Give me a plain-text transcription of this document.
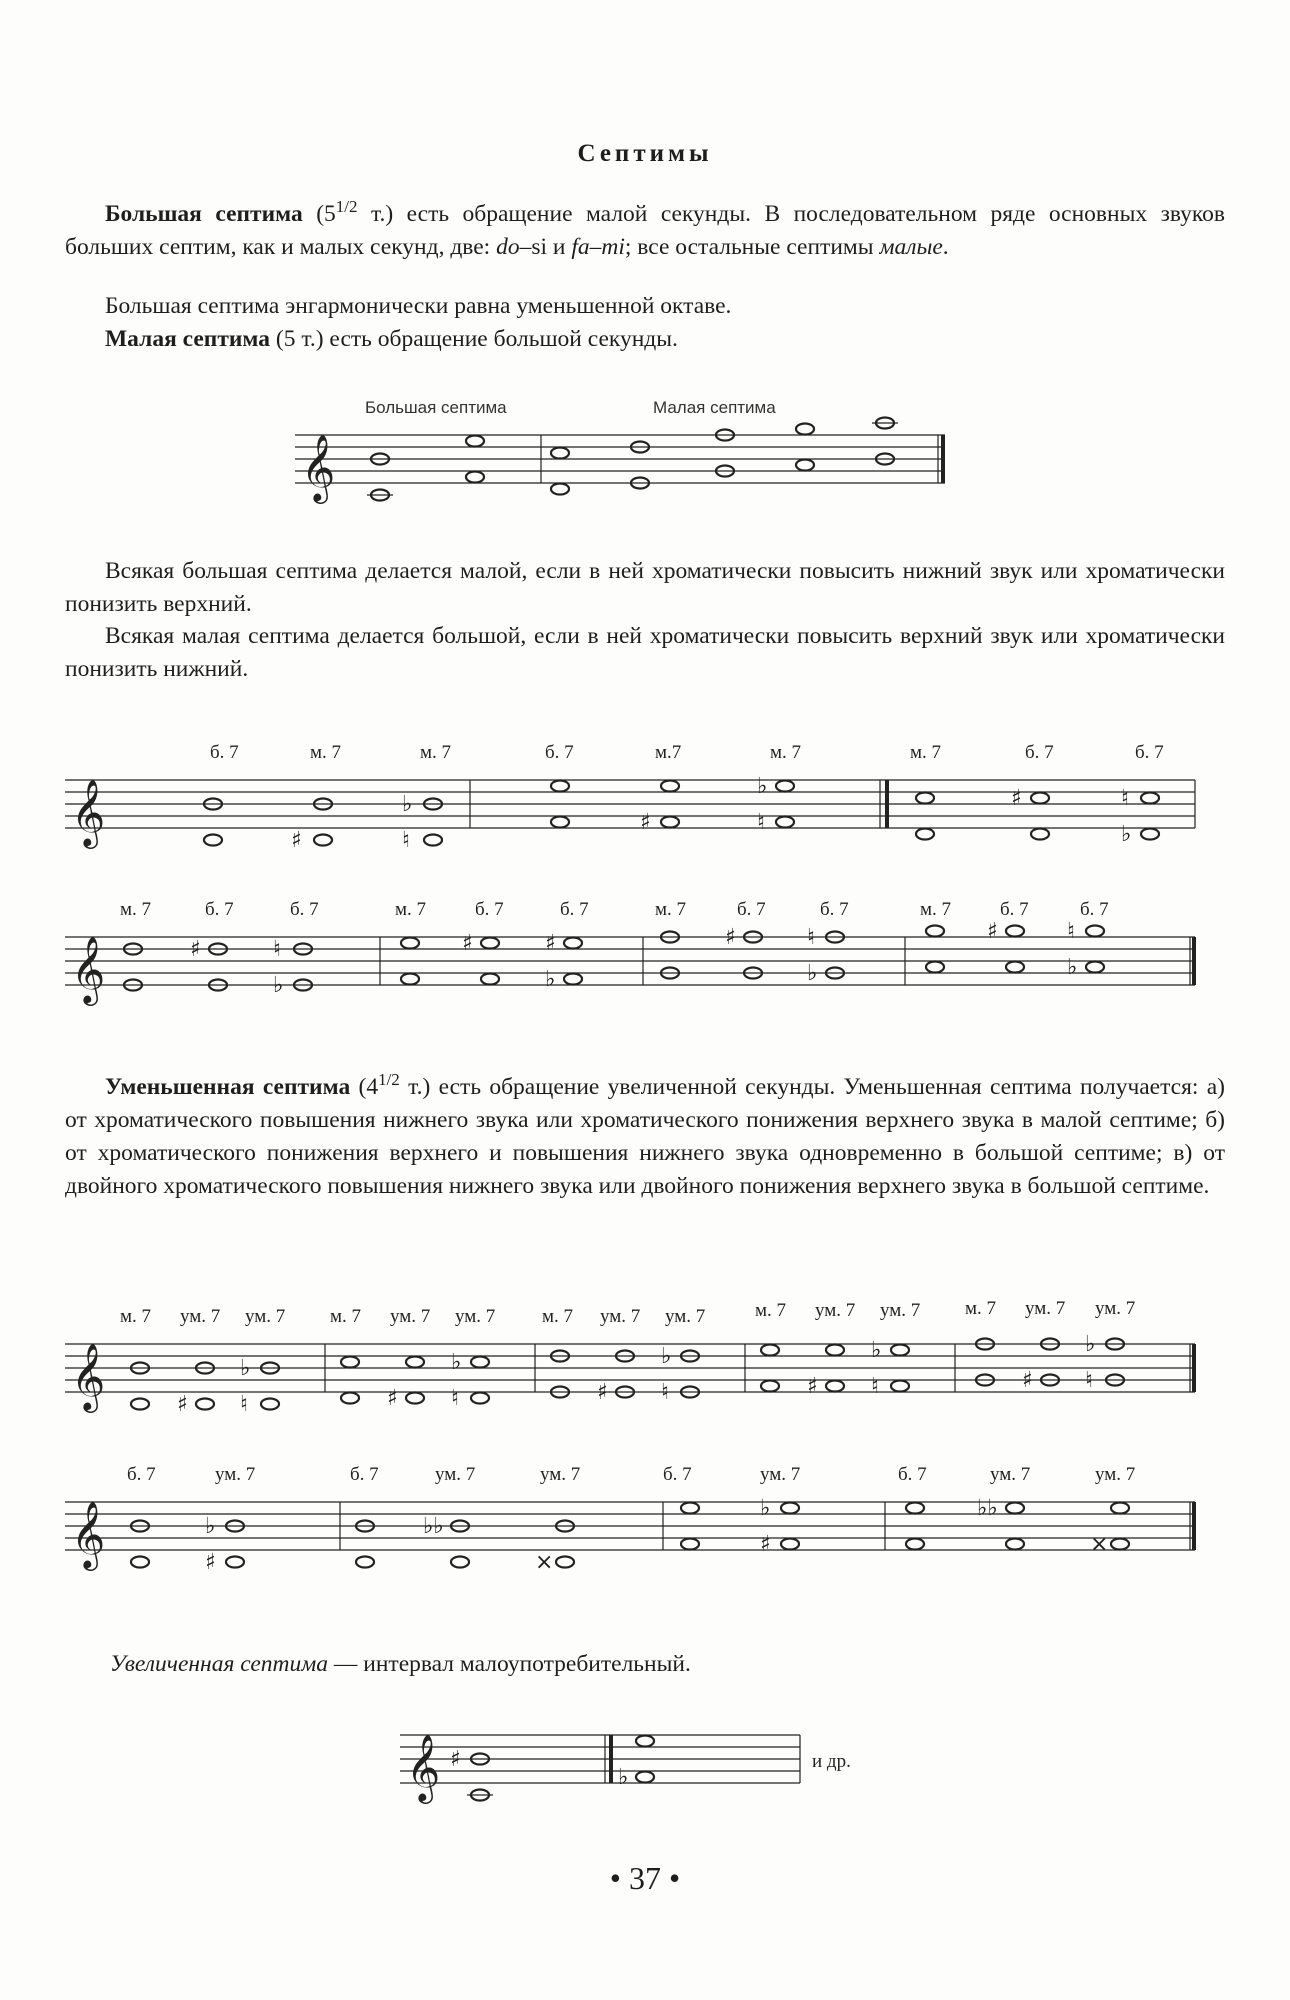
Септимы

Большая септима ($5^{1/2}$ т.) есть обращение малой секунды. В последовательном ряде основных звуков больших септим, как и малых секунд, две: do–si и fa–mi; все остальные септимы малые.

Большая септима энгармонически равна уменьшенной октаве.

Малая септима (5 т.) есть обращение большой секунды.

Большая септима	Малая септима
𝄞

Всякая большая септима делается малой, если в ней хроматически повысить нижний звук или хроматически понизить верхний.

Всякая малая септима делается большой, если в ней хроматически повысить верхний звук или хроматически понизить нижний.

б. 7	м. 7	м. 7	б. 7	м.7	м. 7	м. 7	б. 7	б. 7
𝄞	♯
♭
♮
♯
♭
♮
♯	♮
♭
м. 7	б. 7	б. 7	м. 7	б. 7	б. 7	м. 7	б. 7	б. 7	м. 7	б. 7	б. 7
𝄞	♯	♮
♭
♯	♯
♭
♯	♮
♭
♯	♮
♭

Уменьшенная септима ($4^{1/2}$ т.) есть обращение увеличенной секунды. Уменьшенная септима получается: а) от хроматического повышения нижнего звука или хроматического понижения верхнего звука в малой септиме; б) от хроматического понижения верхнего и повышения нижнего звука одновременно в большой септиме; в) от двойного хроматического повышения нижнего звука или двойного понижения верхнего звука в большой септиме.

м. 7 ум. 7 ум. 7 м. 7 ум. 7 ум. 7 м. 7 ум. 7 ум. 7	м. 7 ум. 7 ум. 7 м. 7 ум. 7 ум. 7
𝄞	♯
♭
♮	♯
♭
♮	♯
♭
♮	♯
♭
♮	♯
♭
♮
б. 7	ум. 7	б. 7	ум. 7	ум. 7	б. 7	ум. 7	б. 7	ум. 7	ум. 7
𝄞	♭
♯
♭♭
×
♭
♯
♭♭
×

Увеличенная септима — интервал малоупотребительный.

𝄞 ♯
♭
и др.
• 37 •
